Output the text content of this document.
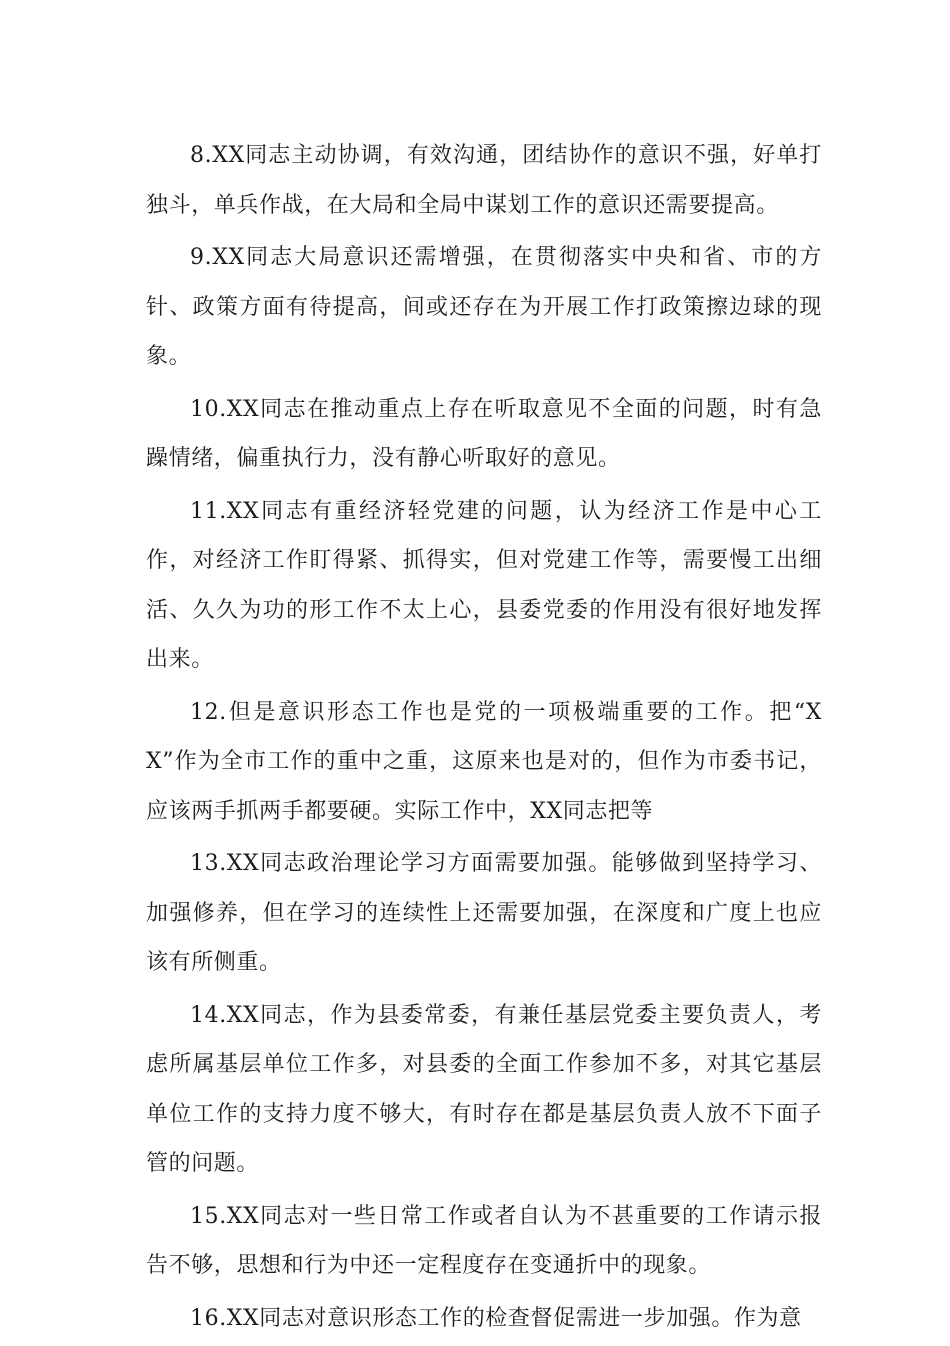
8.XX同志主动协调，有效沟通，团结协作的意识不强，好单打独斗，单兵作战，在大局和全局中谋划工作的意识还需要提高。

9.XX同志大局意识还需增强，在贯彻落实中央和省、市的方针、政策方面有待提高，间或还存在为开展工作打政策擦边球的现象。

10.XX同志在推动重点上存在听取意见不全面的问题，时有急躁情绪，偏重执行力，没有静心听取好的意见。

11.XX同志有重经济轻党建的问题，认为经济工作是中心工作，对经济工作盯得紧、抓得实，但对党建工作等，需要慢工出细活、久久为功的形工作不太上心，县委党委的作用没有很好地发挥出来。

12.但是意识形态工作也是党的一项极端重要的工作。把“XX”作为全市工作的重中之重，这原来也是对的，但作为市委书记，应该两手抓两手都要硬。实际工作中，XX同志把等

13.XX同志政治理论学习方面需要加强。能够做到坚持学习、加强修养，但在学习的连续性上还需要加强，在深度和广度上也应该有所侧重。

14.XX同志，作为县委常委，有兼任基层党委主要负责人，考虑所属基层单位工作多，对县委的全面工作参加不多，对其它基层单位工作的支持力度不够大，有时存在都是基层负责人放不下面子管的问题。

15.XX同志对一些日常工作或者自认为不甚重要的工作请示报告不够，思想和行为中还一定程度存在变通折中的现象。

16.XX同志对意识形态工作的检查督促需进一步加强。作为意
